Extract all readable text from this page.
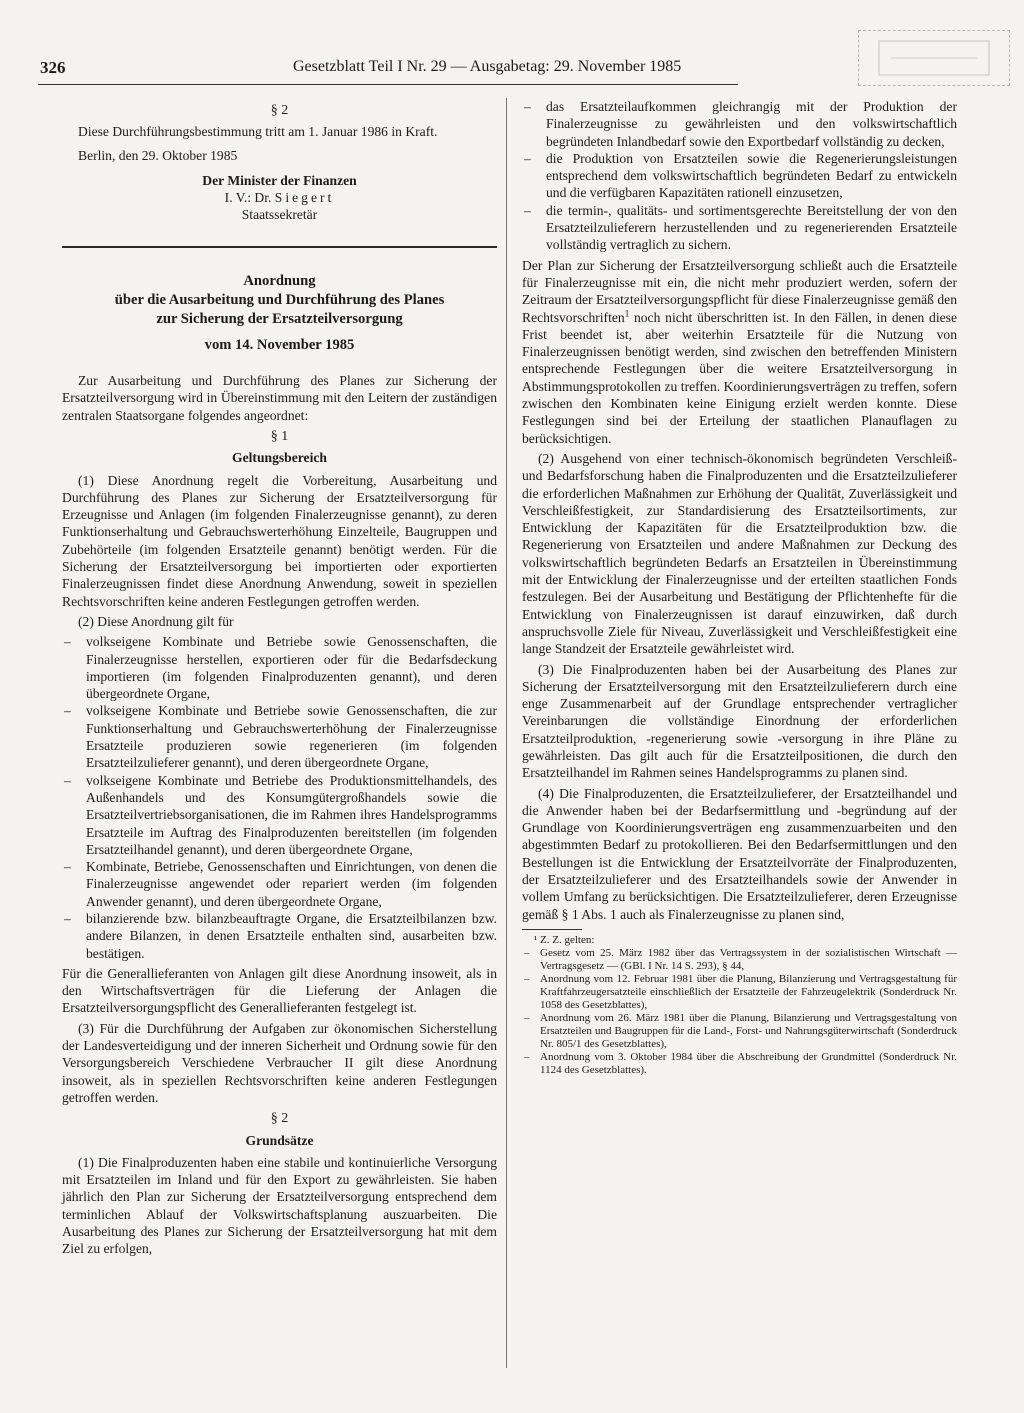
326	Gesetzblatt Teil I Nr. 29 — Ausgabetag: 29. November 1985
§ 2

Diese Durchführungsbestimmung tritt am 1. Januar 1986 in Kraft.

Berlin, den 29. Oktober 1985

Der Minister der Finanzen
I. V.: Dr. Siegert
Staatssekretär
Anordnung
über die Ausarbeitung und Durchführung des Planes
zur Sicherung der Ersatzteilversorgung
vom 14. November 1985

Zur Ausarbeitung und Durchführung des Planes zur Sicherung der Ersatzteilversorgung wird in Übereinstimmung mit den Leitern der zuständigen zentralen Staatsorgane folgendes angeordnet:

§ 1
Geltungsbereich

(1) Diese Anordnung regelt die Vorbereitung, Ausarbeitung und Durchführung des Planes zur Sicherung der Ersatzteilversorgung für Erzeugnisse und Anlagen (im folgenden Finalerzeugnisse genannt), zu deren Funktionserhaltung und Gebrauchswerterhöhung Einzelteile, Baugruppen und Zubehörteile (im folgenden Ersatzteile genannt) benötigt werden. Für die Sicherung der Ersatzteilversorgung bei importierten oder exportierten Finalerzeugnissen findet diese Anordnung Anwendung, soweit in speziellen Rechtsvorschriften keine anderen Festlegungen getroffen werden.

(2) Diese Anordnung gilt für

– volkseigene Kombinate und Betriebe sowie Genossenschaften, die Finalerzeugnisse herstellen, exportieren oder für die Bedarfsdeckung importieren (im folgenden Finalproduzenten genannt), und deren übergeordnete Organe,
– volkseigene Kombinate und Betriebe sowie Genossenschaften, die zur Funktionserhaltung und Gebrauchswerterhöhung der Finalerzeugnisse Ersatzteile produzieren sowie regenerieren (im folgenden Ersatzteilzulieferer genannt), und deren übergeordnete Organe,
– volkseigene Kombinate und Betriebe des Produktionsmittelhandels, des Außenhandels und des Konsumgütergroßhandels sowie die Ersatzteilvertriebsorganisationen, die im Rahmen ihres Handelsprogramms Ersatzteile im Auftrag des Finalproduzenten bereitstellen (im folgenden Ersatzteilhandel genannt), und deren übergeordnete Organe,
– Kombinate, Betriebe, Genossenschaften und Einrichtungen, von denen die Finalerzeugnisse angewendet oder repariert werden (im folgenden Anwender genannt), und deren übergeordnete Organe,
– bilanzierende bzw. bilanzbeauftragte Organe, die Ersatzteilbilanzen bzw. andere Bilanzen, in denen Ersatzteile enthalten sind, ausarbeiten bzw. bestätigen.

Für die Generallieferanten von Anlagen gilt diese Anordnung insoweit, als in den Wirtschaftsverträgen für die Lieferung der Anlagen die Ersatzteilversorgungspflicht des Generallieferanten festgelegt ist.

(3) Für die Durchführung der Aufgaben zur ökonomischen Sicherstellung der Landesverteidigung und der inneren Sicherheit und Ordnung sowie für den Versorgungsbereich Verschiedene Verbraucher II gilt diese Anordnung insoweit, als in speziellen Rechtsvorschriften keine anderen Festlegungen getroffen werden.

§ 2
Grundsätze

(1) Die Finalproduzenten haben eine stabile und kontinuierliche Versorgung mit Ersatzteilen im Inland und für den Export zu gewährleisten. Sie haben jährlich den Plan zur Sicherung der Ersatzteilversorgung entsprechend dem terminlichen Ablauf der Volkswirtschaftsplanung auszuarbeiten. Die Ausarbeitung des Planes zur Sicherung der Ersatzteilversorgung hat mit dem Ziel zu erfolgen,

– das Ersatzteilaufkommen gleichrangig mit der Produktion der Finalerzeugnisse zu gewährleisten und den volkswirtschaftlich begründeten Inlandbedarf sowie den Exportbedarf vollständig zu decken,
– die Produktion von Ersatzteilen sowie die Regenerierungsleistungen entsprechend dem volkswirtschaftlich begründeten Bedarf zu entwickeln und die verfügbaren Kapazitäten rationell einzusetzen,
– die termin-, qualitäts- und sortimentsgerechte Bereitstellung der von den Ersatzteilzulieferern herzustellenden und zu regenerierenden Ersatzteile vollständig vertraglich zu sichern.

Der Plan zur Sicherung der Ersatzteilversorgung schließt auch die Ersatzteile für Finalerzeugnisse mit ein, die nicht mehr produziert werden, sofern der Zeitraum der Ersatzteilversorgungspflicht für diese Finalerzeugnisse gemäß den Rechtsvorschriften$^1$ noch nicht überschritten ist. In den Fällen, in denen diese Frist beendet ist, aber weiterhin Ersatzteile für die Nutzung von Finalerzeugnissen benötigt werden, sind zwischen den betreffenden Ministern entsprechende Festlegungen über die weitere Ersatzteilversorgung in Abstimmungsprotokollen zu treffen. Koordinierungsverträgen zu treffen, sofern zwischen den Kombinaten keine Einigung erzielt werden konnte. Diese Festlegungen sind bei der Erteilung der staatlichen Planauflagen zu berücksichtigen.

(2) Ausgehend von einer technisch-ökonomisch begründeten Verschleiß- und Bedarfsforschung haben die Finalproduzenten und die Ersatzteilzulieferer die erforderlichen Maßnahmen zur Erhöhung der Qualität, Zuverlässigkeit und Verschleißfestigkeit, zur Standardisierung des Ersatzteilsortiments, zur Entwicklung der Kapazitäten für die Ersatzteilproduktion bzw. die Regenerierung von Ersatzteilen und andere Maßnahmen zur Deckung des volkswirtschaftlich begründeten Bedarfs an Ersatzteilen in Übereinstimmung mit der Entwicklung der Finalerzeugnisse und der erteilten staatlichen Fonds festzulegen. Bei der Ausarbeitung und Bestätigung der Pflichtenhefte für die Entwicklung von Finalerzeugnissen ist darauf einzuwirken, daß durch anspruchsvolle Ziele für Niveau, Zuverlässigkeit und Verschleißfestigkeit eine lange Standzeit der Ersatzteile gewährleistet wird.

(3) Die Finalproduzenten haben bei der Ausarbeitung des Planes zur Sicherung der Ersatzteilversorgung mit den Ersatzteilzulieferern durch eine enge Zusammenarbeit auf der Grundlage entsprechender vertraglicher Vereinbarungen die vollständige Einordnung der erforderlichen Ersatzteilproduktion, -regenerierung sowie -versorgung in ihre Pläne zu gewährleisten. Das gilt auch für die Ersatzteilpositionen, die durch den Ersatzteilhandel im Rahmen seines Handelsprogramms zu planen sind.

(4) Die Finalproduzenten, die Ersatzteilzulieferer, der Ersatzteilhandel und die Anwender haben bei der Bedarfsermittlung und -begründung auf der Grundlage von Koordinierungsverträgen eng zusammenzuarbeiten und den abgestimmten Bedarf zu protokollieren. Bei den Bedarfsermittlungen und den Bestellungen ist die Entwicklung der Ersatzteilvorräte der Finalproduzenten, der Ersatzteilzulieferer und des Ersatzteilhandels sowie der Anwender in vollem Umfang zu berücksichtigen. Die Ersatzteilzulieferer, deren Erzeugnisse gemäß § 1 Abs. 1 auch als Finalerzeugnisse zu planen sind,

¹ Z. Z. gelten:

– Gesetz vom 25. März 1982 über das Vertragssystem in der sozialistischen Wirtschaft — Vertragsgesetz — (GBl. I Nr. 14 S. 293), § 44,
– Anordnung vom 12. Februar 1981 über die Planung, Bilanzierung und Vertragsgestaltung für Kraftfahrzeugersatzteile einschließlich der Ersatzteile der Fahrzeugelektrik (Sonderdruck Nr. 1058 des Gesetzblattes),
– Anordnung vom 26. März 1981 über die Planung, Bilanzierung und Vertragsgestaltung von Ersatzteilen und Baugruppen für die Land-, Forst- und Nahrungsgüterwirtschaft (Sonderdruck Nr. 805/1 des Gesetzblattes),
– Anordnung vom 3. Oktober 1984 über die Abschreibung der Grundmittel (Sonderdruck Nr. 1124 des Gesetzblattes).
